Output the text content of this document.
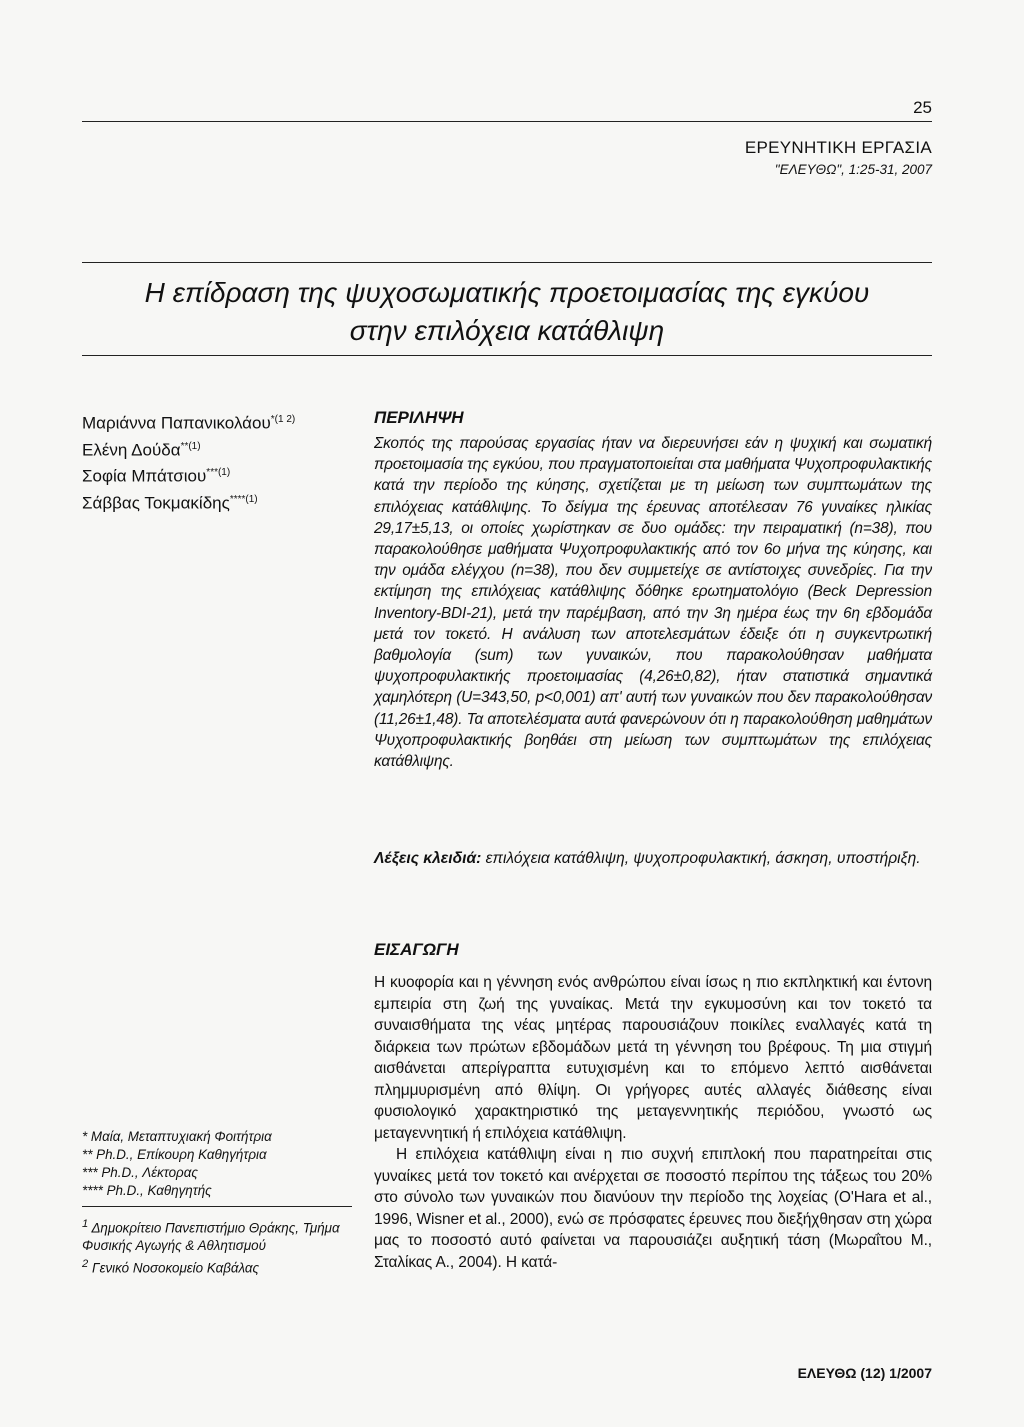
25
ΕΡΕΥΝΗΤΙΚΗ ΕΡΓΑΣΙΑ
"ΕΛΕΥΘΩ", 1:25-31, 2007
Η επίδραση της ψυχοσωματικής προετοιμασίας της εγκύου
στην επιλόχεια κατάθλιψη
Μαριάννα Παπανικολάου$^{*(1 2)}$
Ελένη Δούδα$^{**(1)}$
Σοφία Μπάτσιου$^{***(1)}$
Σάββας Τοκμακίδης$^{****(1)}$
ΠΕΡΙΛΗΨΗ

Σκοπός της παρούσας εργασίας ήταν να διερευνήσει εάν η ψυχική και σωματική προετοιμασία της εγκύου, που πραγματοποιείται στα μαθήματα Ψυχοπροφυλακτικής κατά την περίοδο της κύησης, σχετίζεται με τη μείωση των συμπτωμάτων της επιλόχειας κατάθλιψης. Το δείγμα της έρευνας αποτέλεσαν 76 γυναίκες ηλικίας 29,17±5,13, οι οποίες χωρίστηκαν σε δυο ομάδες: την πειραματική (n=38), που παρακολούθησε μαθήματα Ψυχοπροφυλακτικής από τον 6ο μήνα της κύησης, και την ομάδα ελέγχου (n=38), που δεν συμμετείχε σε αντίστοιχες συνεδρίες. Για την εκτίμηση της επιλόχειας κατάθλιψης δόθηκε ερωτηματολόγιο (Beck Depression Inventory-BDI-21), μετά την παρέμβαση, από την 3η ημέρα έως την 6η εβδομάδα μετά τον τοκετό. Η ανάλυση των αποτελεσμάτων έδειξε ότι η συγκεντρωτική βαθμολογία (sum) των γυναικών, που παρακολούθησαν μαθήματα ψυχοπροφυλακτικής προετοιμασίας (4,26±0,82), ήταν στατιστικά σημαντικά χαμηλότερη (U=343,50, p<0,001) απ' αυτή των γυναικών που δεν παρακολούθησαν (11,26±1,48). Τα αποτελέσματα αυτά φανερώνουν ότι η παρακολούθηση μαθημάτων Ψυχοπροφυλακτικής βοηθάει στη μείωση των συμπτωμάτων της επιλόχειας κατάθλιψης.

Λέξεις κλειδιά: επιλόχεια κατάθλιψη, ψυχοπροφυλακτική, άσκηση, υποστήριξη.
ΕΙΣΑΓΩΓΗ

Η κυοφορία και η γέννηση ενός ανθρώπου είναι ίσως η πιο εκπληκτική και έντονη εμπειρία στη ζωή της γυναίκας. Μετά την εγκυμοσύνη και τον τοκετό τα συναισθήματα της νέας μητέρας παρουσιάζουν ποικίλες εναλλαγές κατά τη διάρκεια των πρώτων εβδομάδων μετά τη γέννηση του βρέφους. Τη μια στιγμή αισθάνεται απερίγραπτα ευτυχισμένη και το επόμενο λεπτό αισθάνεται πλημμυρισμένη από θλίψη. Οι γρήγορες αυτές αλλαγές διάθεσης είναι φυσιολογικό χαρακτηριστικό της μεταγεννητικής περιόδου, γνωστό ως μεταγεννητική ή επιλόχεια κατάθλιψη.

Η επιλόχεια κατάθλιψη είναι η πιο συχνή επιπλοκή που παρατηρείται στις γυναίκες μετά τον τοκετό και ανέρχεται σε ποσοστό περίπου της τάξεως του 20% στο σύνολο των γυναικών που διανύουν την περίοδο της λοχείας (O'Hara et al., 1996, Wisner et al., 2000), ενώ σε πρόσφατες έρευνες που διεξήχθησαν στη χώρα μας το ποσοστό αυτό φαίνεται να παρουσιάζει αυξητική τάση (Μωραΐτου Μ., Σταλίκας Α., 2004). Η κατά-

* Μαία, Μεταπτυχιακή Φοιτήτρια
** Ph.D., Επίκουρη Καθηγήτρια
*** Ph.D., Λέκτορας
**** Ph.D., Καθηγητής
$^1$ Δημοκρίτειο Πανεπιστήμιο Θράκης, Τμήμα Φυσικής Αγωγής & Αθλητισμού
$^2$ Γενικό Νοσοκομείο Καβάλας
ΕΛΕΥΘΩ (12) 1/2007
